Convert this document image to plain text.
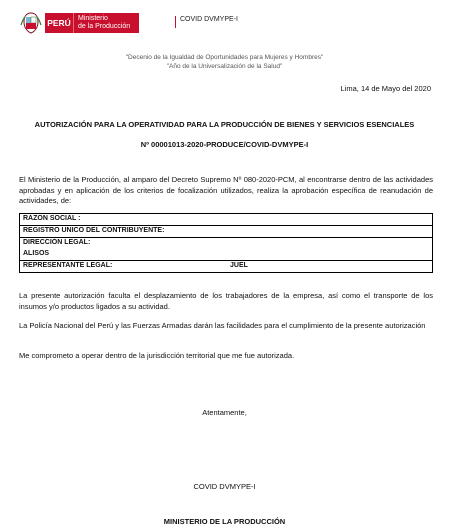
PERÚ	Ministerio
de la Producción
COVID DVMYPE-I
"Decenio de la Igualdad de Oportunidades para Mujeres y Hombres"
"Año de la Universalización de la Salud"
Lima, 14 de Mayo del 2020
AUTORIZACIÓN PARA LA OPERATIVIDAD PARA LA PRODUCCIÓN DE BIENES Y SERVICIOS ESENCIALES
Nº 00001013-2020-PRODUCE/COVID-DVMYPE-I
El Ministerio de la Producción, al amparo del Decreto Supremo Nº 080-2020-PCM, al encontrarse dentro de las actividades aprobadas y en aplicación de los criterios de focalización utilizados, realiza la aprobación específica de reanudación de actividades, de:
RAZON SOCIAL :
REGISTRO UNICO DEL CONTRIBUYENTE:
DIRECCIÓN LEGAL:
ALISOS
REPRESENTANTE LEGAL:	JUEL
La presente autorización faculta el desplazamiento de los trabajadores de la empresa, así como el transporte de los insumos y/o productos ligados a su actividad.
La Policía Nacional del Perú y las Fuerzas Armadas darán las facilidades para el cumplimiento de la presente autorización
Me comprometo a operar dentro de la jurisdicción territorial que me fue autorizada.
Atentamente,
COVID DVMYPE-I
MINISTERIO DE LA PRODUCCIÓN
